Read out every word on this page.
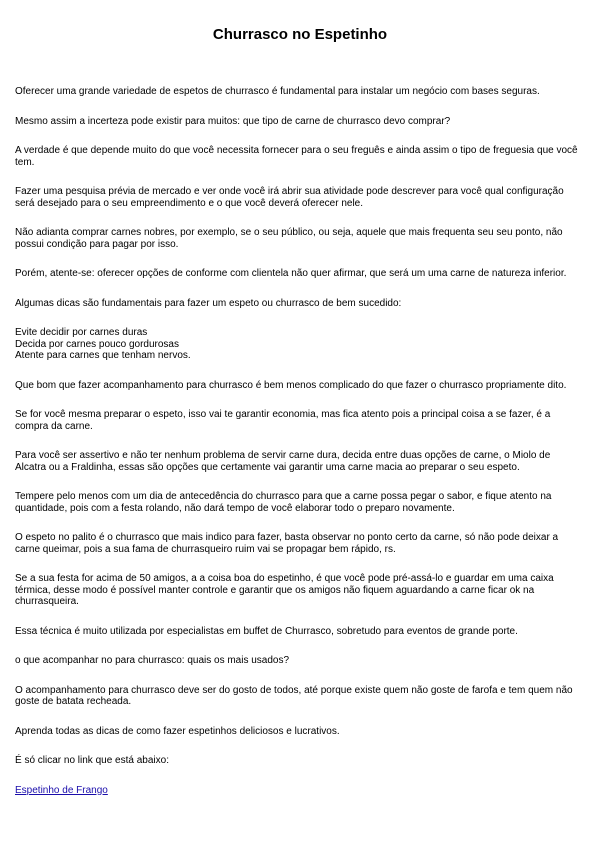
Churrasco no Espetinho

Oferecer uma grande variedade de espetos de churrasco é fundamental para instalar um negócio com bases seguras.

Mesmo assim a incerteza pode existir para muitos: que tipo de carne de churrasco devo comprar?

A verdade é que depende muito do que você necessita fornecer para o seu freguês e ainda assim o tipo de freguesia que você tem.

Fazer uma pesquisa prévia de mercado e ver onde você irá abrir sua atividade pode descrever para você qual configuração será desejado para o seu empreendimento e o que você deverá oferecer nele.

Não adianta comprar carnes nobres, por exemplo, se o seu público, ou seja, aquele que mais frequenta seu seu ponto, não possui condição para pagar por isso.

Porém, atente-se: oferecer opções de conforme com clientela não quer afirmar, que será um uma carne de natureza inferior.

Algumas dicas são fundamentais para fazer um espeto ou churrasco de bem sucedido:

Evite decidir por carnes duras
Decida por carnes pouco gordurosas
Atente para carnes que tenham nervos.

Que bom que fazer acompanhamento para churrasco é bem menos complicado do que fazer o churrasco propriamente dito.

Se for você mesma preparar o espeto, isso vai te garantir economia, mas fica atento pois a principal coisa a se fazer, é a compra da carne.

Para você ser assertivo e não ter nenhum problema de servir carne dura, decida entre duas opções de carne, o Miolo de Alcatra ou a Fraldinha, essas são opções que certamente vai garantir uma carne macia ao preparar o seu espeto.

Tempere pelo menos com um dia de antecedência do churrasco para que a carne possa pegar o sabor, e fique atento na quantidade, pois com a festa rolando, não dará tempo de você elaborar todo o preparo novamente.

O espeto no palito é o churrasco que mais indico para fazer, basta observar no ponto certo da carne, só não pode deixar a carne queimar, pois a sua fama de churrasqueiro ruim vai se propagar bem rápido, rs.

Se a sua festa for acima de 50 amigos, a a coisa boa do espetinho, é que você pode pré-assá-lo e guardar em uma caixa térmica, desse modo é possível manter controle e garantir que os amigos não fiquem aguardando a carne ficar ok na churrasqueira.

Essa técnica é muito utilizada por especialistas em buffet de Churrasco, sobretudo para eventos de grande porte.

o que acompanhar no para churrasco: quais os mais usados?

O acompanhamento para churrasco deve ser do gosto de todos, até porque existe quem não goste de farofa e tem quem não goste de batata recheada.

Aprenda todas as dicas de como fazer espetinhos deliciosos e lucrativos.

É só clicar no link que está abaixo:

Espetinho de Frango
